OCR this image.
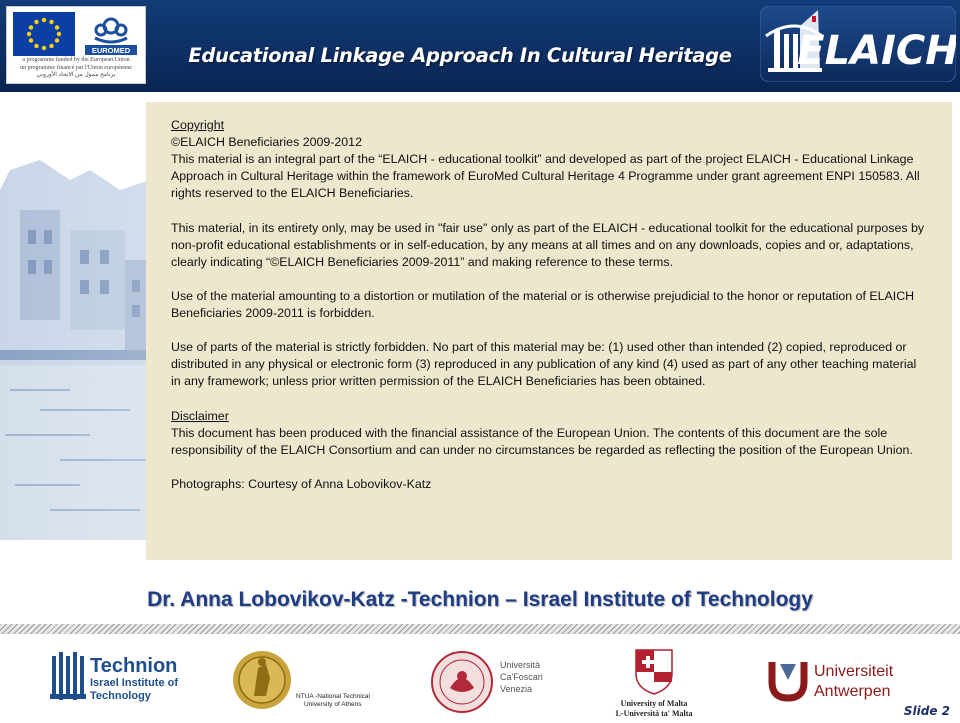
EUROMED
a programme funded by the European Union
un programme financé par l'Union européenne
برنامج ممول من الاتحاد الأوروبي
Educational Linkage Approach In Cultural Heritage	ELAICH

Copyright

©ELAICH Beneficiaries 2009-2012

This material is an integral part of the “ELAICH - educational toolkit” and developed as part of the project ELAICH - Educational Linkage Approach in Cultural Heritage within the framework of EuroMed Cultural Heritage 4 Programme under grant agreement ENPI 150583. All rights reserved to the ELAICH Beneficiaries.

This material, in its entirety only, may be used in "fair use" only as part of the ELAICH - educational toolkit for the educational purposes by non-profit educational establishments or in self-education, by any means at all times and on any downloads, copies and or, adaptations, clearly indicating “©ELAICH Beneficiaries 2009-2011” and making reference to these terms.

Use of the material amounting to a distortion or mutilation of the material or is otherwise prejudicial to the honor or reputation of ELAICH Beneficiaries 2009-2011 is forbidden.

Use of parts of the material is strictly forbidden. No part of this material may be: (1) used other than intended (2) copied, reproduced or distributed in any physical or electronic form (3) reproduced in any publication of any kind (4) used as part of any other teaching material in any framework; unless prior written permission of the ELAICH Beneficiaries has been obtained.

Disclaimer

This document has been produced with the financial assistance of the European Union. The contents of this document are the sole responsibility of the ELAICH Consortium and can under no circumstances be regarded as reflecting the position of the European Union.

Photographs: Courtesy of Anna Lobovikov-Katz

Dr. Anna Lobovikov-Katz -Technion – Israel Institute of Technology
Technion
Israel Institute of
Technology	NTUA -National Technical
University of Athens
Università
Ca'Foscari
Venezia
University of Malta
L-Università ta' Malta
Universiteit
Antwerpen
Slide 2
